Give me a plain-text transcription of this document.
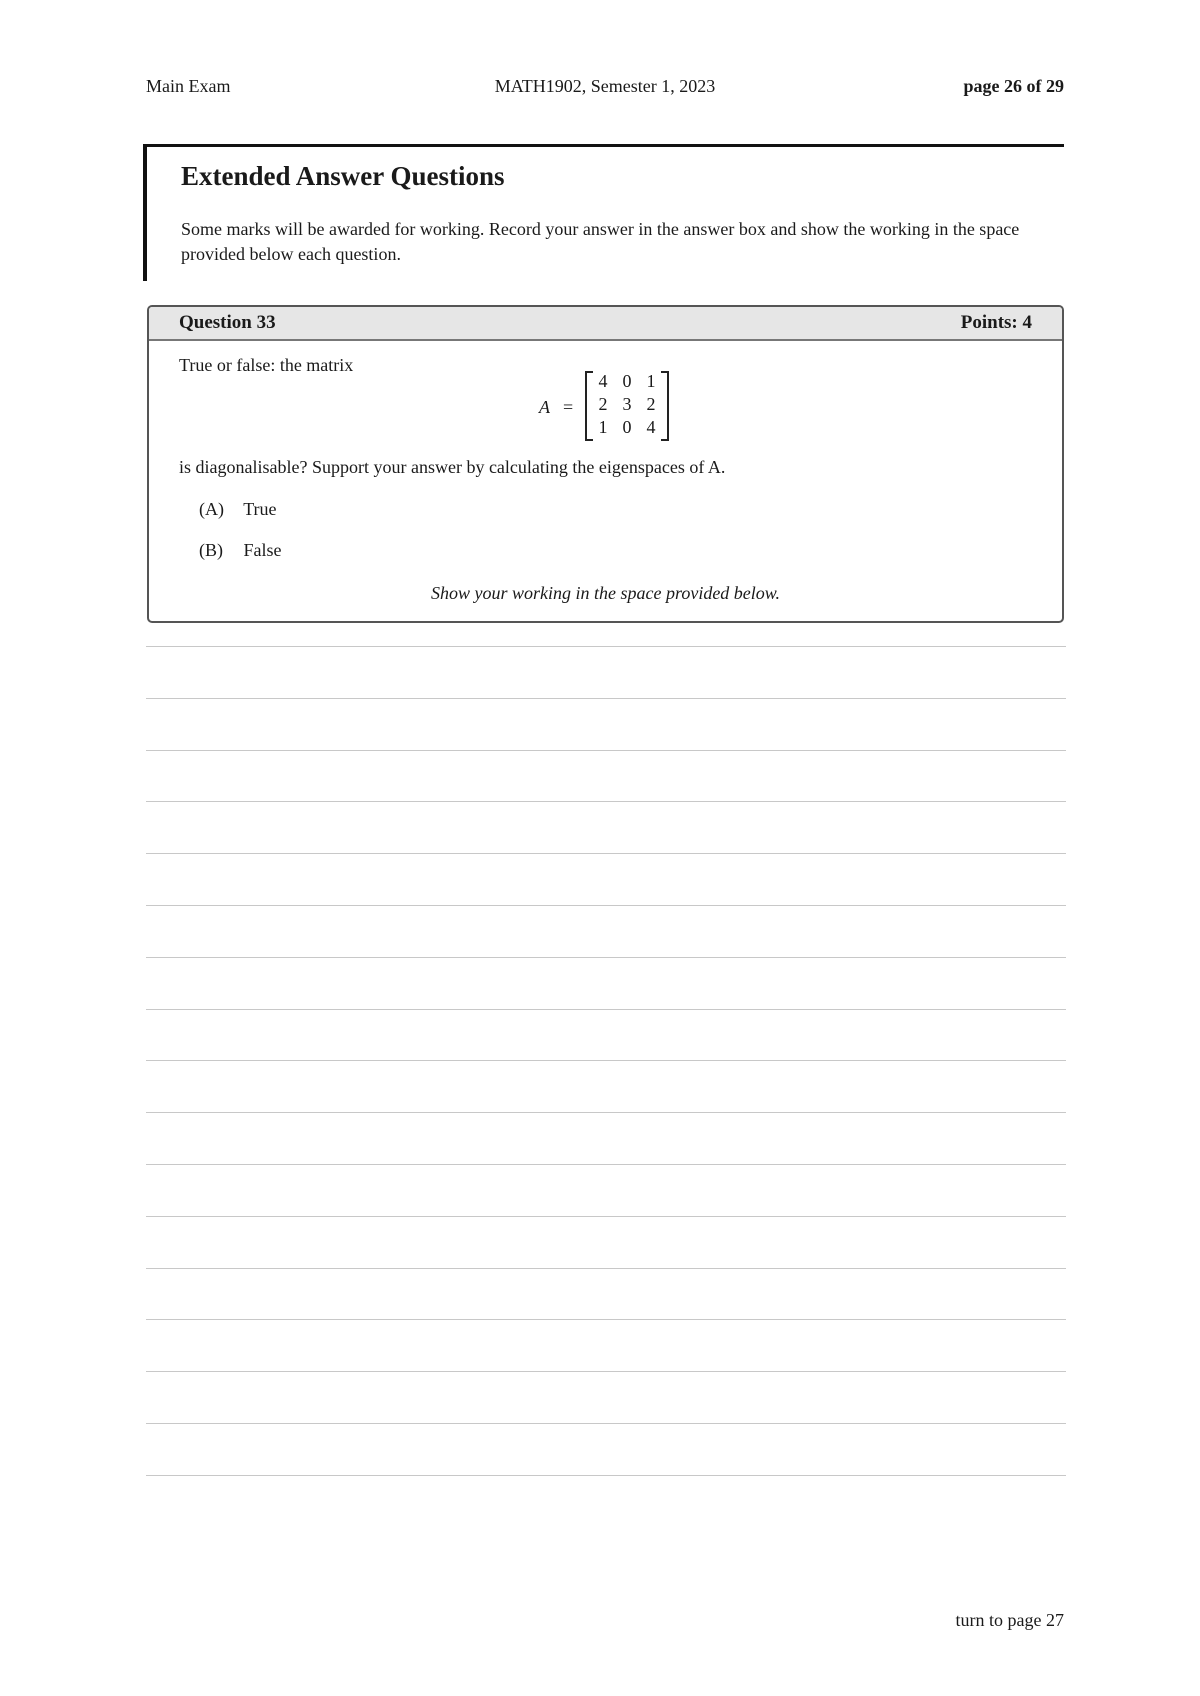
Main Exam	MATH1902, Semester 1, 2023	page 26 of 29
Extended Answer Questions
Some marks will be awarded for working. Record your answer in the answer box and show the working in the space provided below each question.
Question 33	Points: 4
True or false: the matrix
A =
4 0 1
2 3 2
1 0 4
is diagonalisable? Support your answer by calculating the eigenspaces of A.
(A) True
(B) False
Show your working in the space provided below.
turn to page 27
